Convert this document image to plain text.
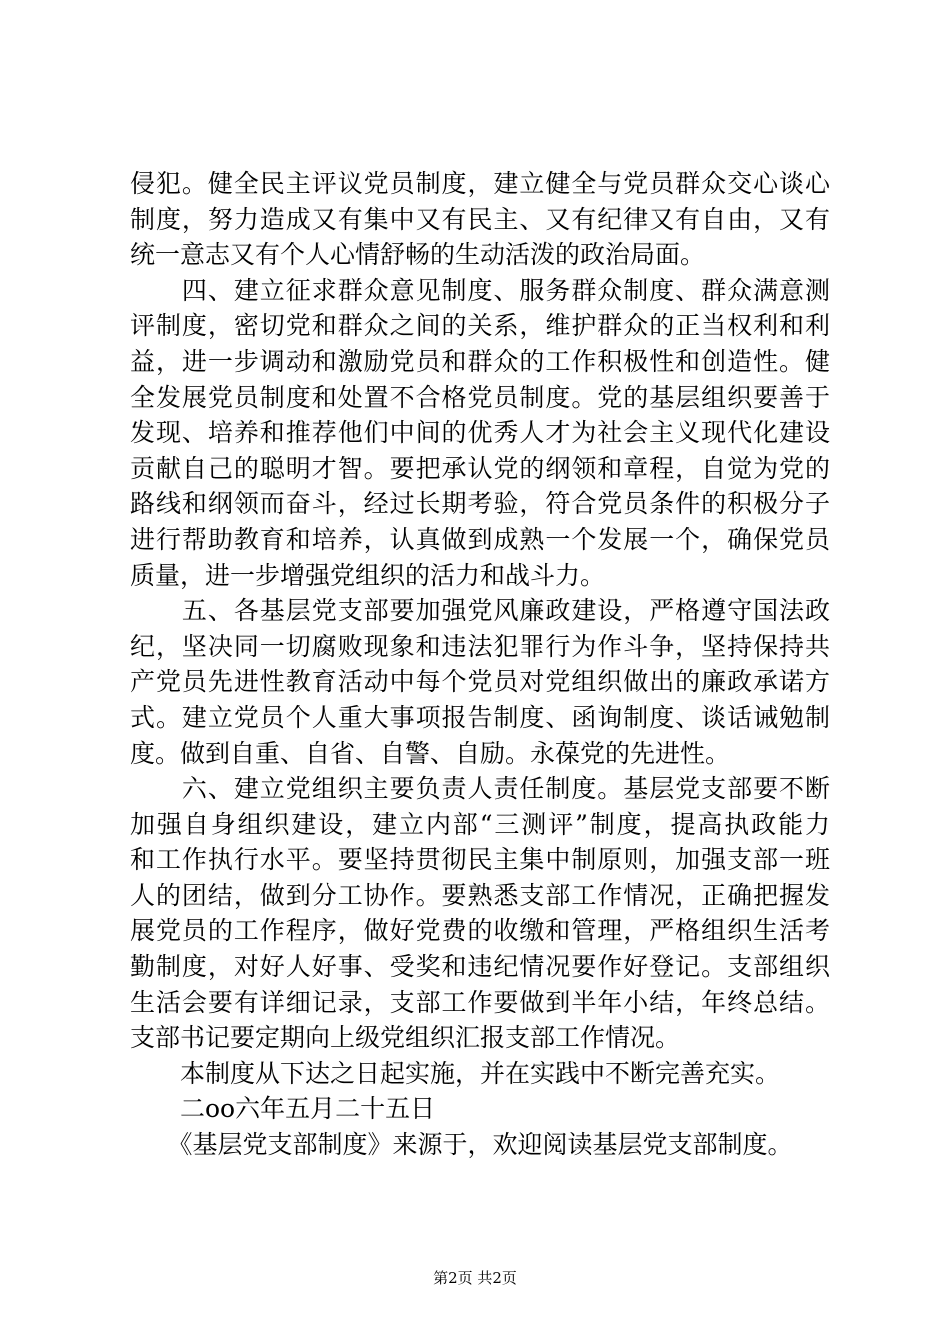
侵犯。健全民主评议党员制度，建立健全与党员群众交心谈心
制度，努力造成又有集中又有民主、又有纪律又有自由，又有
统一意志又有个人心情舒畅的生动活泼的政治局面。
　　四、建立征求群众意见制度、服务群众制度、群众满意测
评制度，密切党和群众之间的关系，维护群众的正当权利和利
益，进一步调动和激励党员和群众的工作积极性和创造性。健
全发展党员制度和处置不合格党员制度。党的基层组织要善于
发现、培养和推荐他们中间的优秀人才为社会主义现代化建设
贡献自己的聪明才智。要把承认党的纲领和章程，自觉为党的
路线和纲领而奋斗，经过长期考验，符合党员条件的积极分子
进行帮助教育和培养，认真做到成熟一个发展一个，确保党员
质量，进一步增强党组织的活力和战斗力。
　　五、各基层党支部要加强党风廉政建设，严格遵守国法政
纪，坚决同一切腐败现象和违法犯罪行为作斗争，坚持保持共
产党员先进性教育活动中每个党员对党组织做出的廉政承诺方
式。建立党员个人重大事项报告制度、函询制度、谈话诫勉制
度。做到自重、自省、自警、自励。永葆党的先进性。
　　六、建立党组织主要负责人责任制度。基层党支部要不断
加强自身组织建设，建立内部“三测评”制度，提高执政能力
和工作执行水平。要坚持贯彻民主集中制原则，加强支部一班
人的团结，做到分工协作。要熟悉支部工作情况，正确把握发
展党员的工作程序，做好党费的收缴和管理，严格组织生活考
勤制度，对好人好事、受奖和违纪情况要作好登记。支部组织
生活会要有详细记录，支部工作要做到半年小结，年终总结。
支部书记要定期向上级党组织汇报支部工作情况。
　　本制度从下达之日起实施，并在实践中不断完善充实。
　　二oo六年五月二十五日
　　《基层党支部制度》来源于，欢迎阅读基层党支部制度。
第2页 共2页
